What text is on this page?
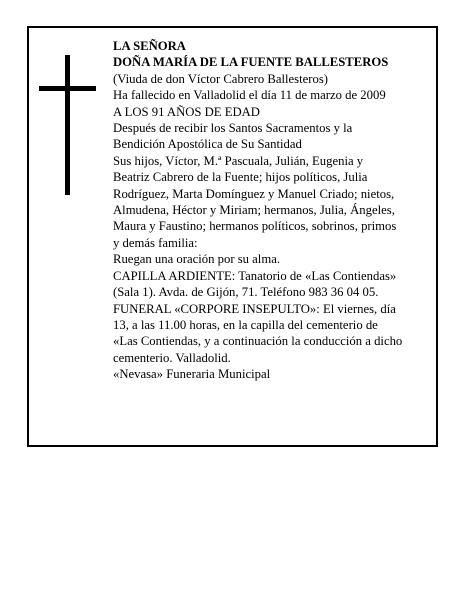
LA SEÑORA
DOÑA MARÍA DE LA FUENTE BALLESTEROS
(Viuda de don Víctor Cabrero Ballesteros)
Ha fallecido en Valladolid el día 11 de marzo de 2009
A LOS 91 AÑOS DE EDAD
Después de recibir los Santos Sacramentos y la
Bendición Apostólica de Su Santidad
Sus hijos, Víctor, M.ª Pascuala, Julián, Eugenia y
Beatriz Cabrero de la Fuente; hijos políticos, Julia
Rodríguez, Marta Domínguez y Manuel Criado; nietos,
Almudena, Héctor y Miriam; hermanos, Julia, Ángeles,
Maura y Faustino; hermanos políticos, sobrinos, primos
y demás familia:
Ruegan una oración por su alma.
CAPILLA ARDIENTE: Tanatorio de «Las Contiendas»
(Sala 1). Avda. de Gijón, 71. Teléfono 983 36 04 05.
FUNERAL «CORPORE INSEPULTO»: El viernes, día
13, a las 11.00 horas, en la capilla del cementerio de
«Las Contiendas, y a continuación la conducción a dicho
cementerio. Valladolid.
«Nevasa» Funeraria Municipal
